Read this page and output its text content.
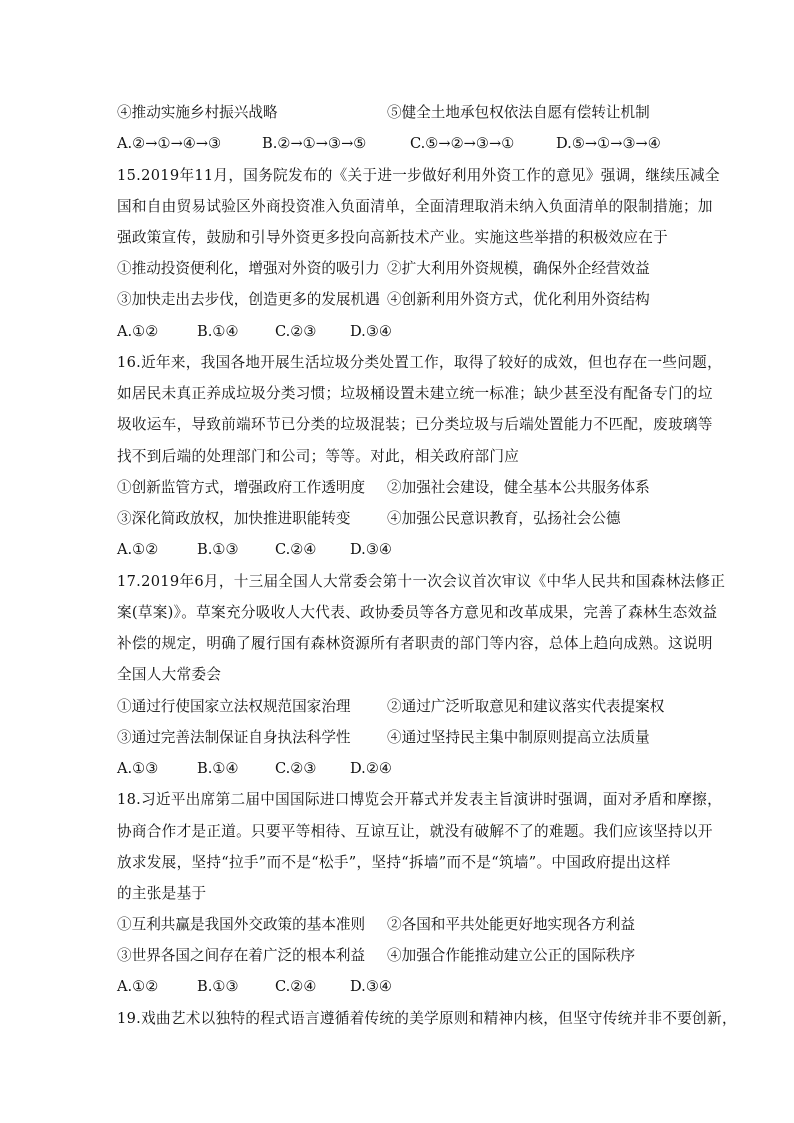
④推动实施乡村振兴战略	⑤健全土地承包权依法自愿有偿转让机制
A.②→①→④→③	B.②→①→③→⑤	C.⑤→②→③→①	D.⑤→①→③→④
15.2019年11月，国务院发布的《关于进一步做好利用外资工作的意见》强调，继续压减全
国和自由贸易试验区外商投资准入负面清单，全面清理取消未纳入负面清单的限制措施；加
强政策宣传，鼓励和引导外资更多投向高新技术产业。实施这些举措的积极效应在于
①推动投资便利化，增强对外资的吸引力 ②扩大利用外资规模，确保外企经营效益
③加快走出去步伐，创造更多的发展机遇 ④创新利用外资方式，优化利用外资结构
A.①②	B.①④	C.②③	D.③④
16.近年来，我国各地开展生活垃圾分类处置工作，取得了较好的成效，但也存在一些问题，
如居民未真正养成垃圾分类习惯；垃圾桶设置未建立统一标准；缺少甚至没有配备专门的垃
圾收运车，导致前端环节已分类的垃圾混装；已分类垃圾与后端处置能力不匹配，废玻璃等
找不到后端的处理部门和公司；等等。对此，相关政府部门应
①创新监管方式，增强政府工作透明度	②加强社会建设，健全基本公共服务体系
③深化简政放权，加快推进职能转变	④加强公民意识教育，弘扬社会公德
A.①②	B.①③	C.②④	D.③④
17.2019年6月，十三届全国人大常委会第十一次会议首次审议《中华人民共和国森林法修正
案(草案)》。草案充分吸收人大代表、政协委员等各方意见和改革成果，完善了森林生态效益
补偿的规定，明确了履行国有森林资源所有者职责的部门等内容，总体上趋向成熟。这说明
全国人大常委会
①通过行使国家立法权规范国家治理	②通过广泛听取意见和建议落实代表提案权
③通过完善法制保证自身执法科学性	④通过坚持民主集中制原则提高立法质量
A.①③	B.①④	C.②③	D.②④
18.习近平出席第二届中国国际进口博览会开幕式并发表主旨演讲时强调，面对矛盾和摩擦，
协商合作才是正道。只要平等相待、互谅互让，就没有破解不了的难题。我们应该坚持以开
放求发展，坚持“拉手”而不是“松手”，坚持“拆墙”而不是“筑墙”。中国政府提出这样
的主张是基于
①互利共赢是我国外交政策的基本准则	②各国和平共处能更好地实现各方利益
③世界各国之间存在着广泛的根本利益	④加强合作能推动建立公正的国际秩序
A.①②	B.①③	C.②④	D.③④
19.戏曲艺术以独特的程式语言遵循着传统的美学原则和精神内核，但坚守传统并非不要创新，
